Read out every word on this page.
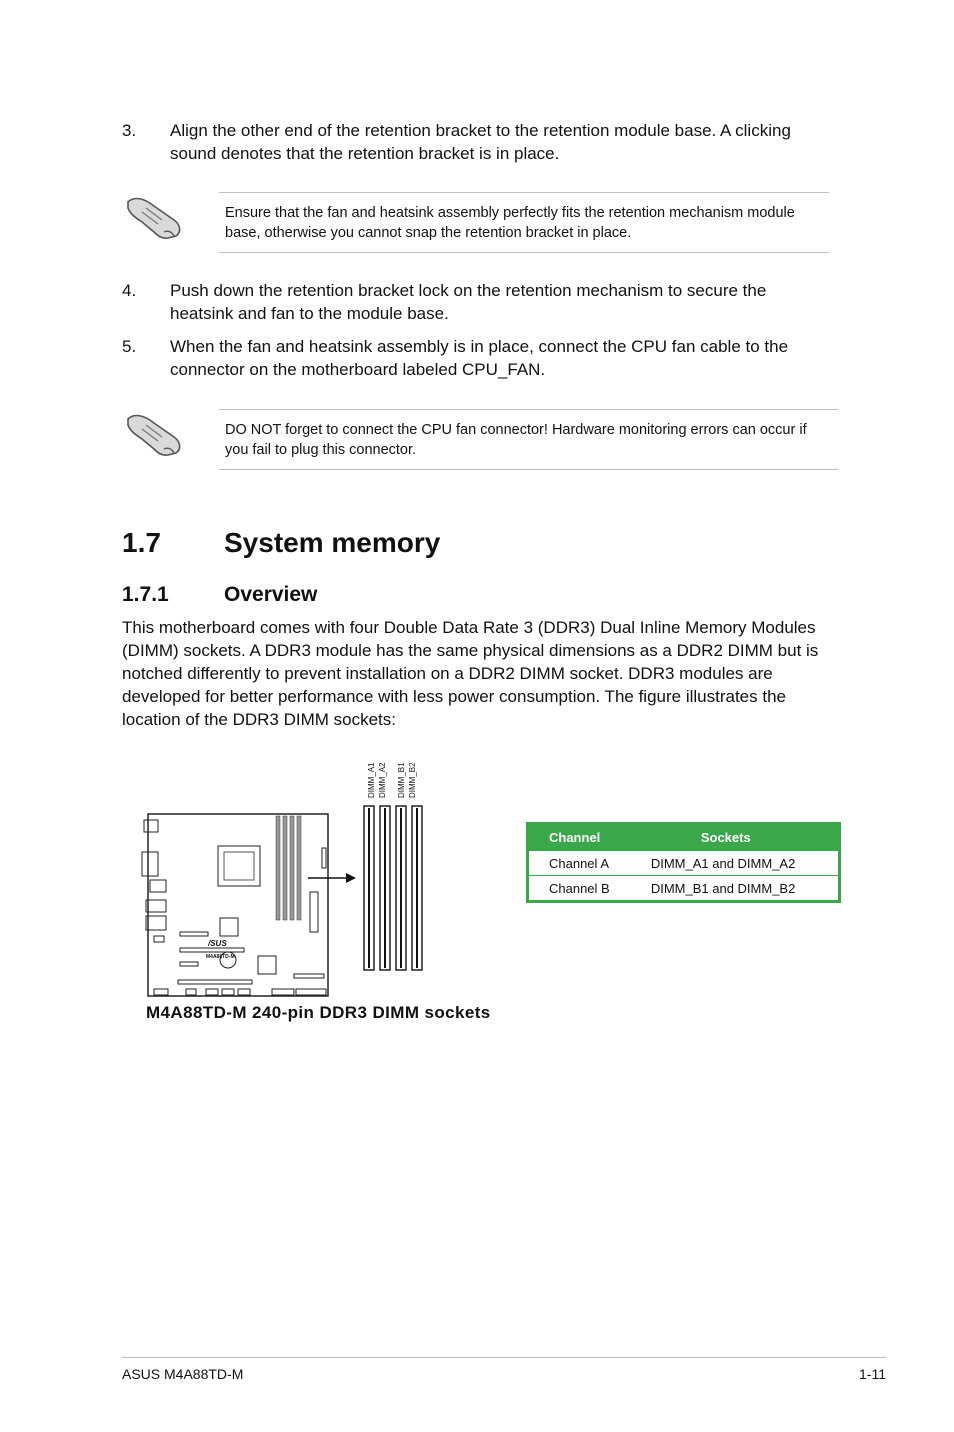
3. Align the other end of the retention bracket to the retention module base. A clicking sound denotes that the retention bracket is in place.
Ensure that the fan and heatsink assembly perfectly fits the retention mechanism module base, otherwise you cannot snap the retention bracket in place.
4. Push down the retention bracket lock on the retention mechanism to secure the heatsink and fan to the module base.
5. When the fan and heatsink assembly is in place, connect the CPU fan cable to the connector on the motherboard labeled CPU_FAN.
DO NOT forget to connect the CPU fan connector! Hardware monitoring errors can occur if you fail to plug this connector.
1.7 System memory
1.7.1	Overview
This motherboard comes with four Double Data Rate 3 (DDR3) Dual Inline Memory Modules (DIMM) sockets. A DDR3 module has the same physical dimensions as a DDR2 DIMM but is notched differently to prevent installation on a DDR2 DIMM socket. DDR3 modules are developed for better performance with less power consumption. The figure illustrates the location of the DDR3 DIMM sockets:
/SUS
M4A88TD-M
DIMM_A1 DIMM_A2 DIMM_B1 DIMM_B2
M4A88TD-M 240-pin DDR3 DIMM sockets
Channel	Sockets
Channel A	DIMM_A1 and DIMM_A2
Channel B	DIMM_B1 and DIMM_B2
ASUS M4A88TD-M	1-11
